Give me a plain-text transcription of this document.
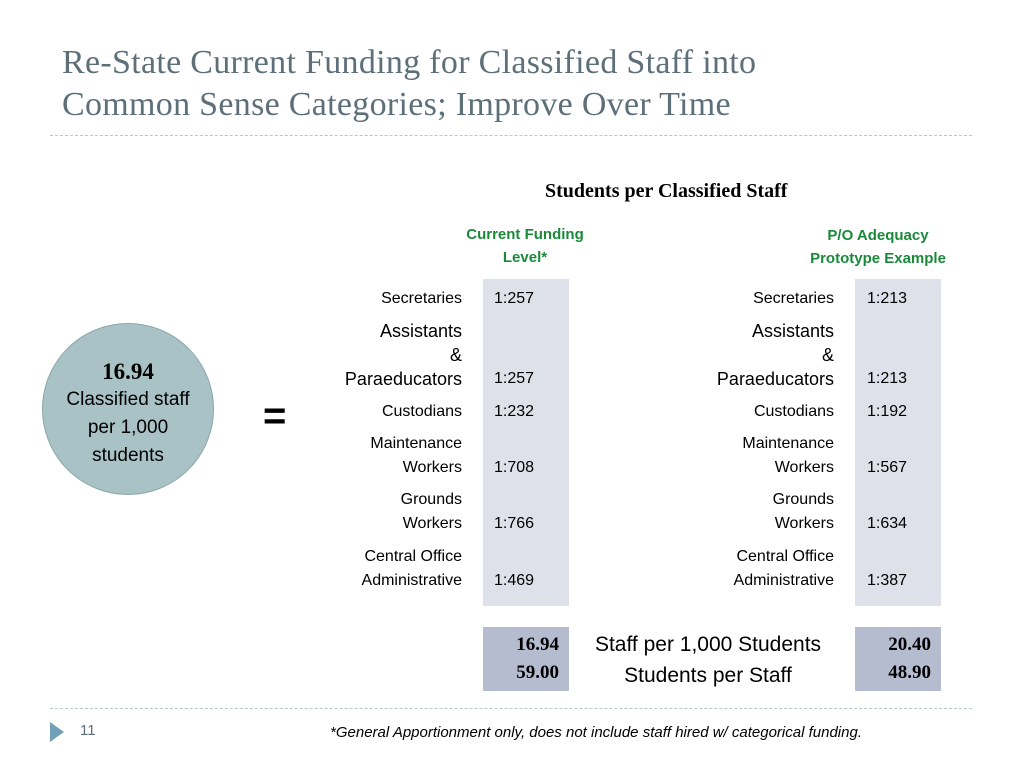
Re-State Current Funding for Classified Staff into
Common Sense Categories; Improve Over Time
16.94
Classified staff
per 1,000
students
=
Students per Classified Staff
Current Funding
Level*
P/O Adequacy
Prototype Example
Secretaries 1:257
Assistants
&
Paraeducators 1:257
Custodians 1:232
Maintenance
Workers 1:708
Grounds
Workers 1:766
Central Office
Administrative 1:469
Secretaries 1:213
Assistants
&
Paraeducators 1:213
Custodians 1:192
Maintenance
Workers 1:567
Grounds
Workers 1:634
Central Office
Administrative 1:387
16.94
59.00
Staff per 1,000 Students
Students per Staff
20.40
48.90
11	*General Apportionment only, does not include staff hired w/ categorical funding.
